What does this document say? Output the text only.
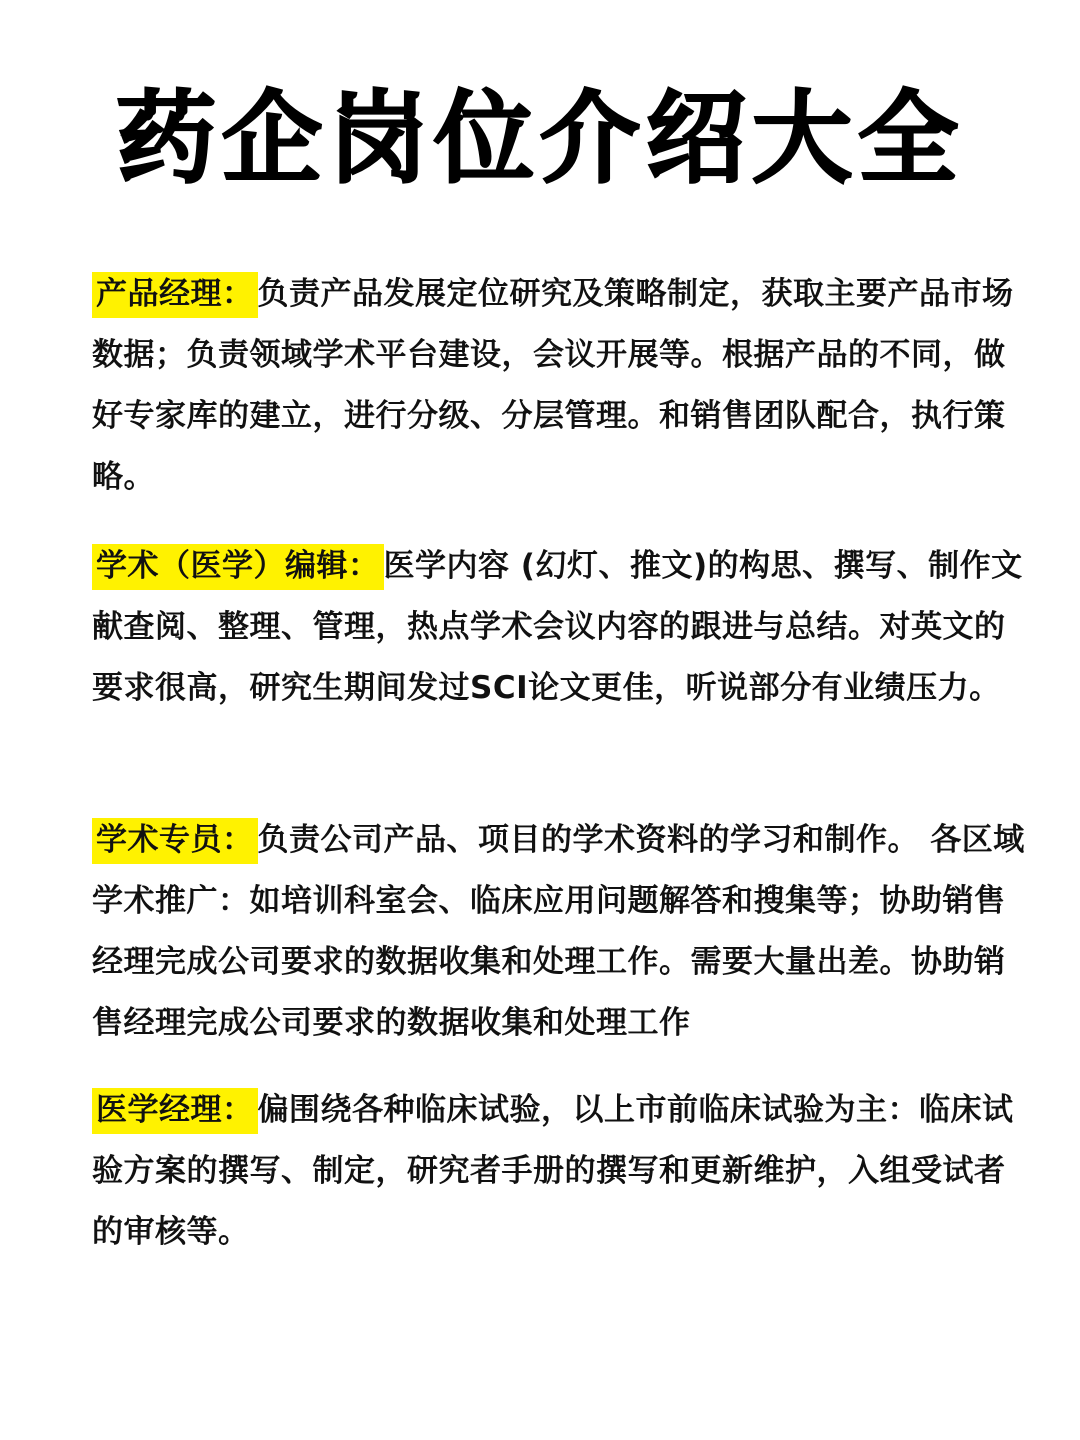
药企岗位介绍大全
产品经理： 负责产品发展定位研究及策略制定，获取主要产品市场数据；负责领域学术平台建设，会议开展等。根据产品的不同，做好专家库的建立，进行分级、分层管理。和销售团队配合，执行策略。
学术（医学）编辑： 医学内容 (幻灯、推文)的构思、撰写、制作文献查阅、整理、管理，热点学术会议内容的跟进与总结。对英文的要求很高，研究生期间发过SCI论文更佳，听说部分有业绩压力。
学术专员： 负责公司产品、项目的学术资料的学习和制作。 各区域学术推广：如培训科室会、临床应用问题解答和搜集等；协助销售经理完成公司要求的数据收集和处理工作。需要大量出差。协助销售经理完成公司要求的数据收集和处理工作
医学经理： 偏围绕各种临床试验，以上市前临床试验为主：临床试验方案的撰写、制定，研究者手册的撰写和更新维护，入组受试者的审核等。
